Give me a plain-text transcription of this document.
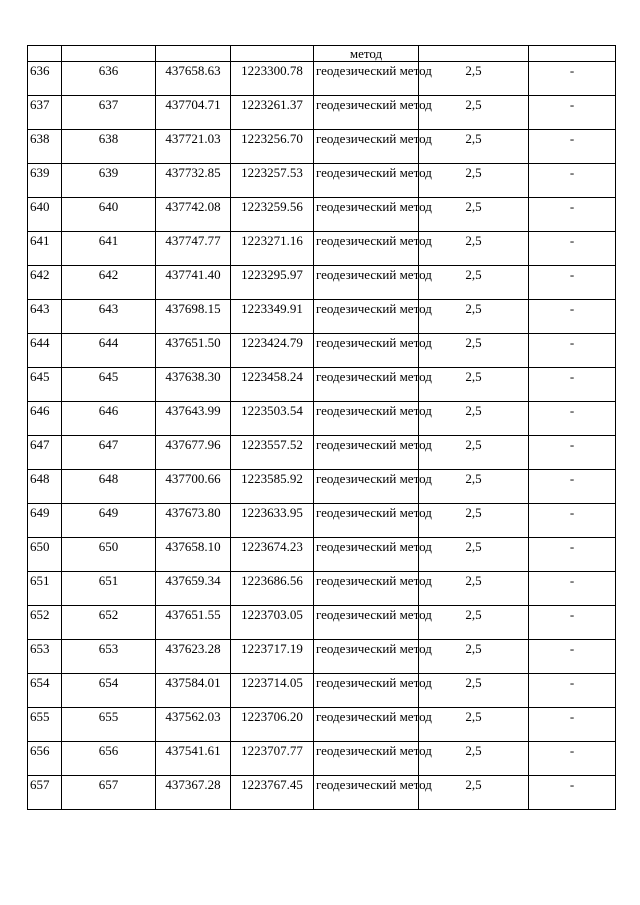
				метод		
636	636	437658.63	1223300.78	геодезический метод	2,5	-
637	637	437704.71	1223261.37	геодезический метод	2,5	-
638	638	437721.03	1223256.70	геодезический метод	2,5	-
639	639	437732.85	1223257.53	геодезический метод	2,5	-
640	640	437742.08	1223259.56	геодезический метод	2,5	-
641	641	437747.77	1223271.16	геодезический метод	2,5	-
642	642	437741.40	1223295.97	геодезический метод	2,5	-
643	643	437698.15	1223349.91	геодезический метод	2,5	-
644	644	437651.50	1223424.79	геодезический метод	2,5	-
645	645	437638.30	1223458.24	геодезический метод	2,5	-
646	646	437643.99	1223503.54	геодезический метод	2,5	-
647	647	437677.96	1223557.52	геодезический метод	2,5	-
648	648	437700.66	1223585.92	геодезический метод	2,5	-
649	649	437673.80	1223633.95	геодезический метод	2,5	-
650	650	437658.10	1223674.23	геодезический метод	2,5	-
651	651	437659.34	1223686.56	геодезический метод	2,5	-
652	652	437651.55	1223703.05	геодезический метод	2,5	-
653	653	437623.28	1223717.19	геодезический метод	2,5	-
654	654	437584.01	1223714.05	геодезический метод	2,5	-
655	655	437562.03	1223706.20	геодезический метод	2,5	-
656	656	437541.61	1223707.77	геодезический метод	2,5	-
657	657	437367.28	1223767.45	геодезический метод	2,5	-
